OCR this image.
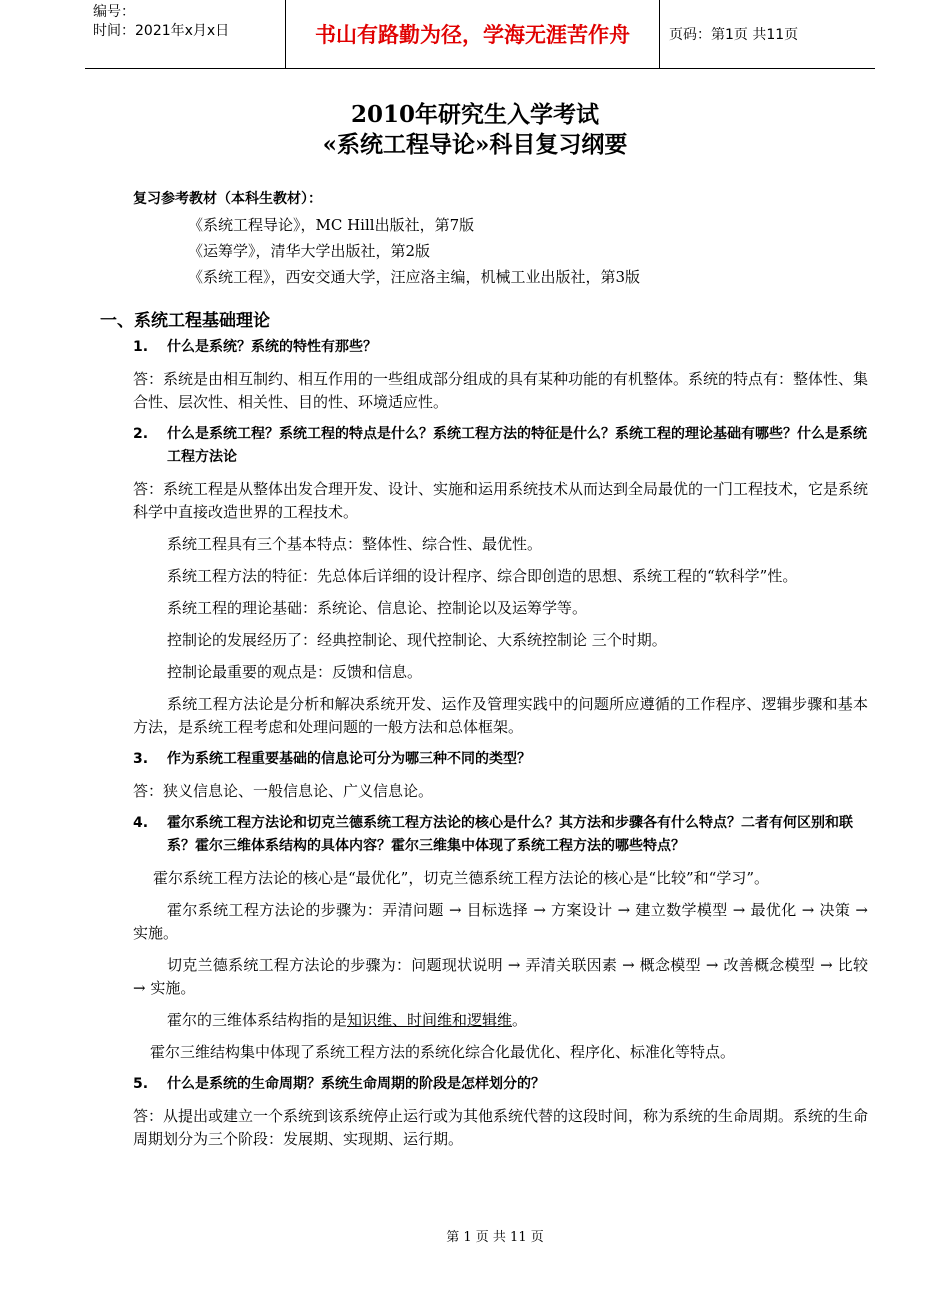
编号：
时间：2021年x月x日	书山有路勤为径，学海无涯苦作舟	页码：第1页 共11页
2010年研究生入学考试
«系统工程导论»科目复习纲要
复习参考教材（本科生教材）：
《系统工程导论》，MC Hill出版社，第7版
《运筹学》，清华大学出版社，第2版
《系统工程》，西安交通大学，汪应洛主编，机械工业出版社，第3版
一、系统工程基础理论
1.	什么是系统？系统的特性有那些？

答：系统是由相互制约、相互作用的一些组成部分组成的具有某种功能的有机整体。系统的特点有：整体性、集合性、层次性、相关性、目的性、环境适应性。

2.	什么是系统工程？系统工程的特点是什么？系统工程方法的特征是什么？系统工程的理论基础有哪些？什么是系统工程方法论

答：系统工程是从整体出发合理开发、设计、实施和运用系统技术从而达到全局最优的一门工程技术，它是系统科学中直接改造世界的工程技术。

系统工程具有三个基本特点：整体性、综合性、最优性。

系统工程方法的特征：先总体后详细的设计程序、综合即创造的思想、系统工程的“软科学”性。

系统工程的理论基础：系统论、信息论、控制论以及运筹学等。

控制论的发展经历了：经典控制论、现代控制论、大系统控制论 三个时期。

控制论最重要的观点是：反馈和信息。

系统工程方法论是分析和解决系统开发、运作及管理实践中的问题所应遵循的工作程序、逻辑步骤和基本方法，是系统工程考虑和处理问题的一般方法和总体框架。

3.	作为系统工程重要基础的信息论可分为哪三种不同的类型？

答：狭义信息论、一般信息论、广义信息论。

4.	霍尔系统工程方法论和切克兰德系统工程方法论的核心是什么？其方法和步骤各有什么特点？二者有何区别和联系？霍尔三维体系结构的具体内容？霍尔三维集中体现了系统工程方法的哪些特点？

霍尔系统工程方法论的核心是“最优化”，切克兰德系统工程方法论的核心是“比较”和“学习”。

霍尔系统工程方法论的步骤为：弄清问题 → 目标选择 → 方案设计 → 建立数学模型 → 最优化 → 决策 → 实施。

切克兰德系统工程方法论的步骤为：问题现状说明 → 弄清关联因素 → 概念模型 → 改善概念模型 → 比较 → 实施。

霍尔的三维体系结构指的是知识维、时间维和逻辑维。

霍尔三维结构集中体现了系统工程方法的系统化综合化最优化、程序化、标准化等特点。

5.	什么是系统的生命周期？系统生命周期的阶段是怎样划分的？

答：从提出或建立一个系统到该系统停止运行或为其他系统代替的这段时间，称为系统的生命周期。系统的生命周期划分为三个阶段：发展期、实现期、运行期。

第 1 页 共 11 页
